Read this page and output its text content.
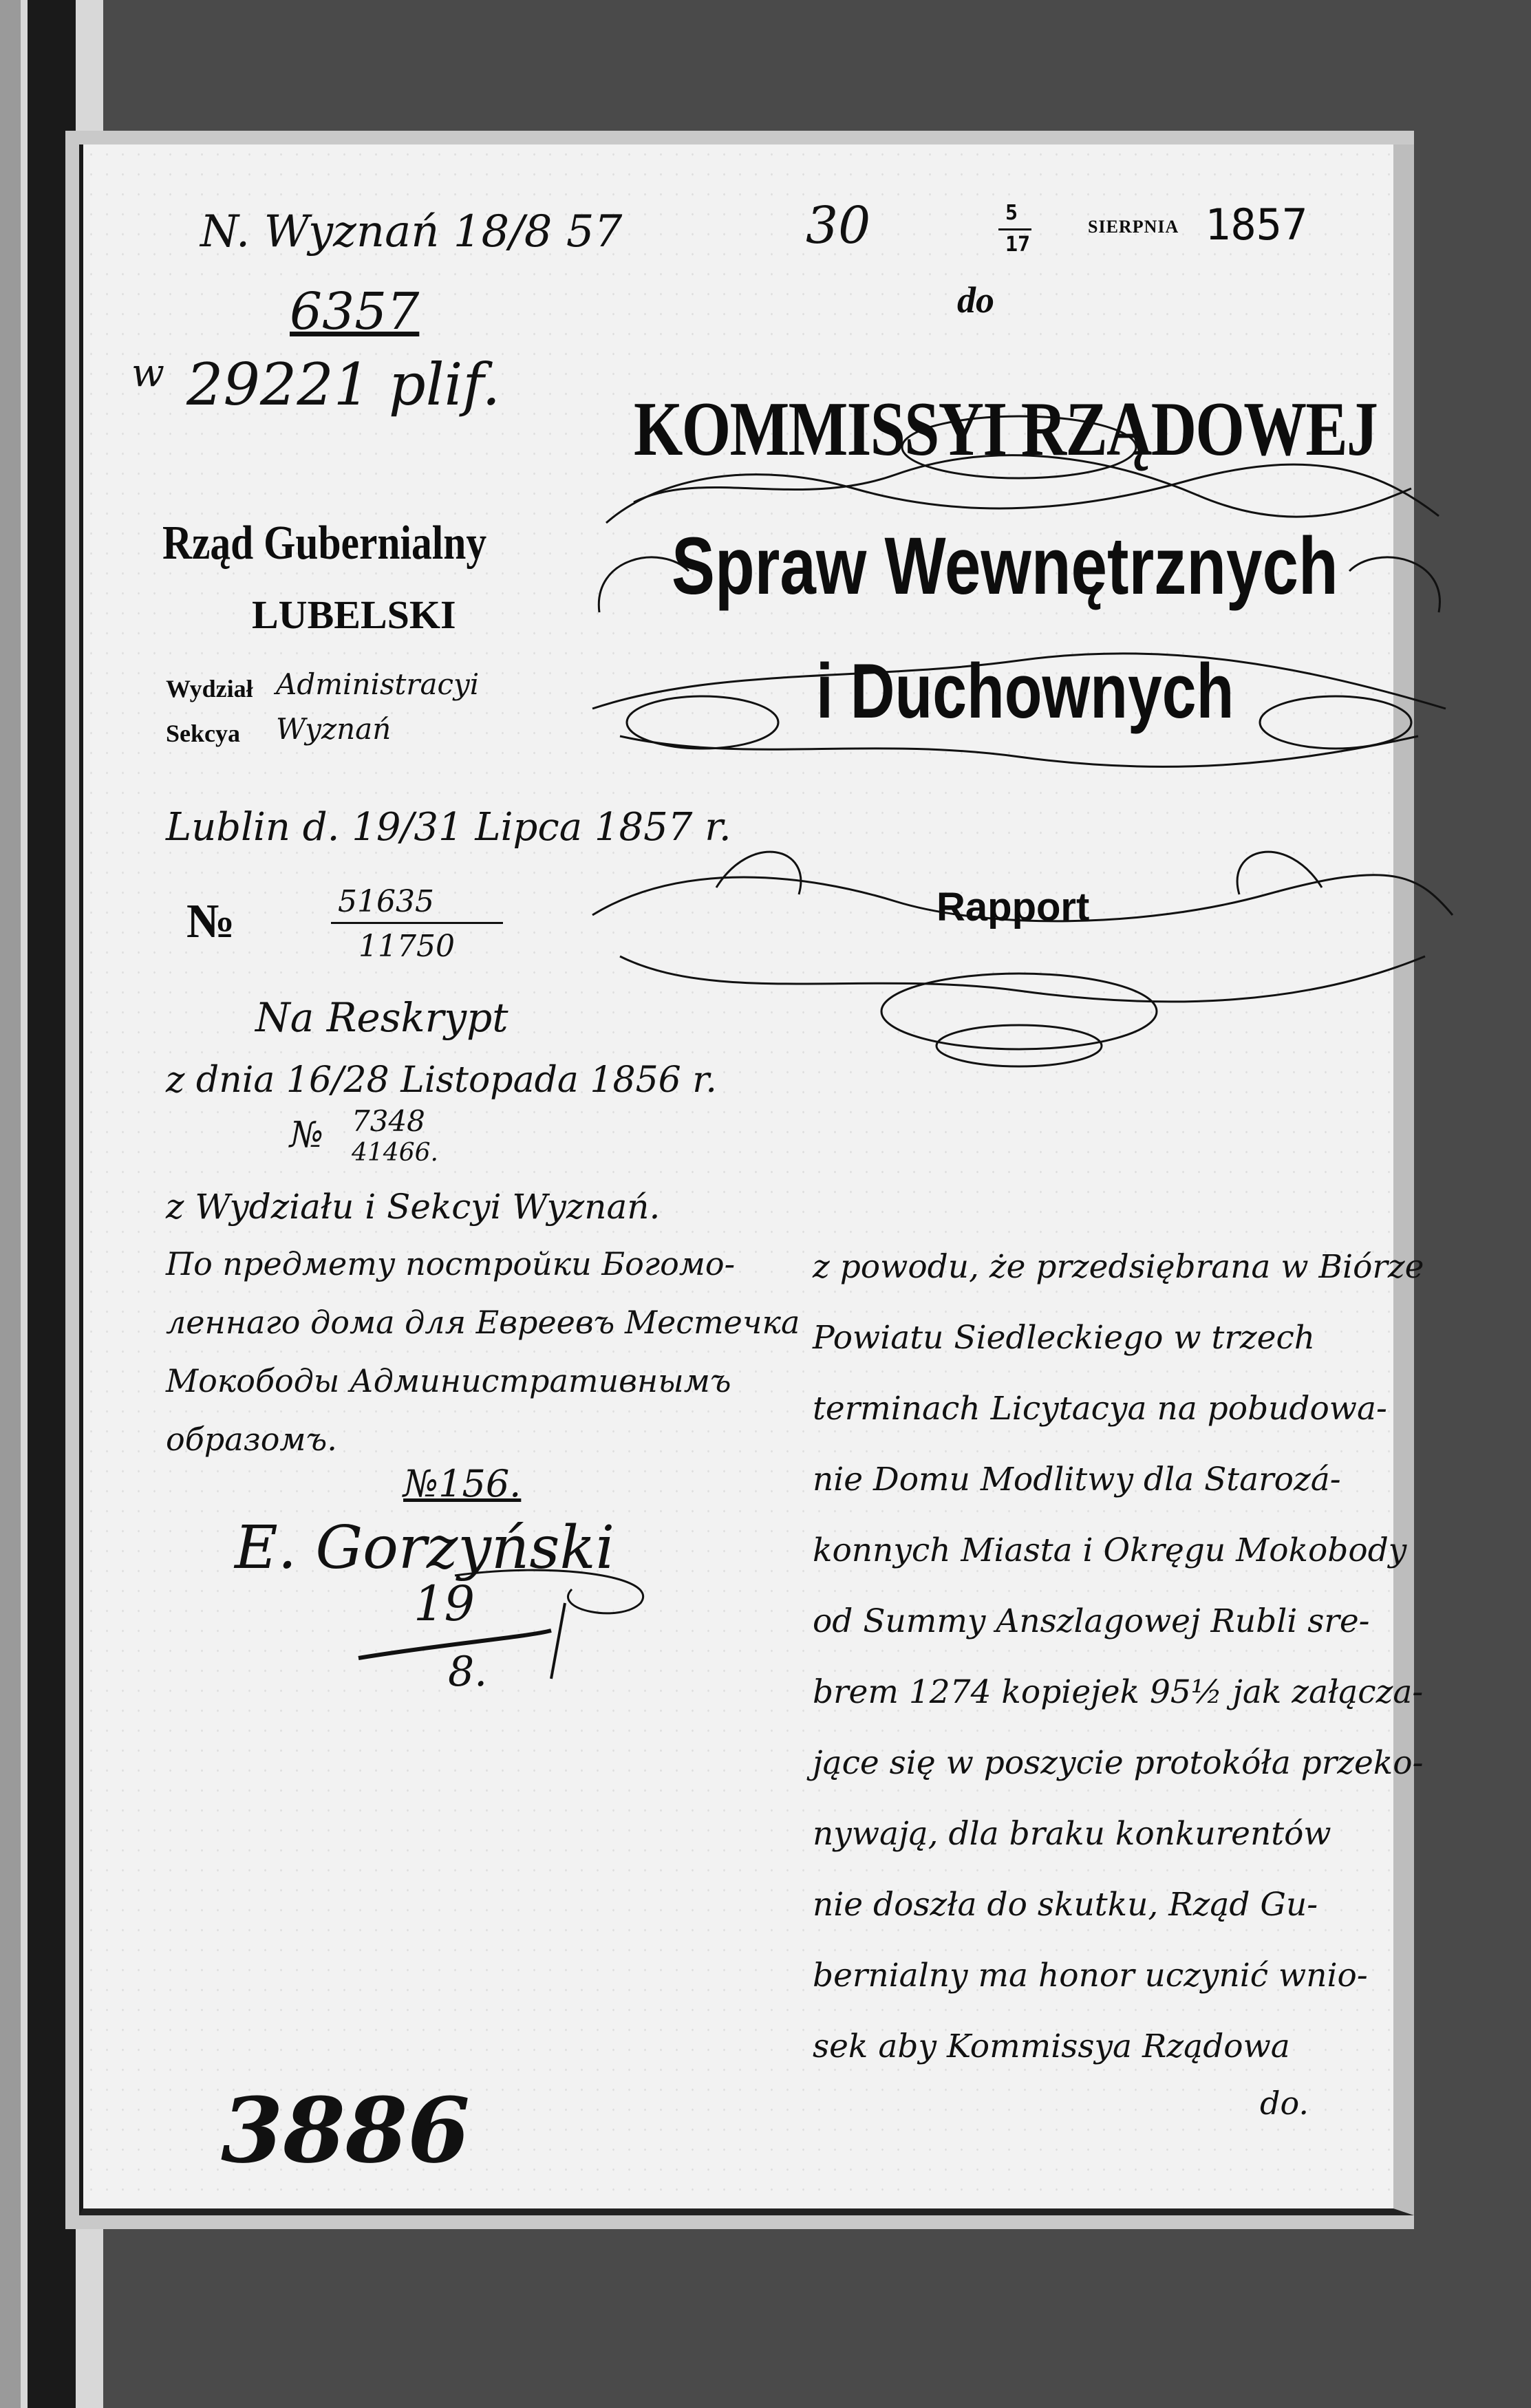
N. Wyznań 18/8 57
6357
w 29221 plif.
30	5
17
SIERPNIA 1857
do
KOMMISSYI RZĄDOWEJ
Spraw Wewnętrznych
i Duchownych
Rapport
Rząd Gubernialny
LUBELSKI
Wydział Administracyi
Sekcya Wyznań
Lublin d. 19/31 Lipca 1857 r.
№	51635
11750
Na Reskrypt
z dnia 16/28 Listopada 1856 r.
№ 7348
41466.
z Wydziału i Sekcyi Wyznań.
По предмету постройки Богомо-
леннаго дома для Евреевъ Местечка
Мокободы Административнымъ
образомъ.
№156.
E. Gorzyński
19
8.
z powodu, że przedsiębrana w Biórze
Powiatu Siedleckiego w trzech
terminach Licytacya na pobudowa-
nie Domu Modlitwy dla Starozá-
konnych Miasta i Okręgu Mokobody
od Summy Anszlagowej Rubli sre-
brem 1274 kopiejek 95½ jak załącza-
jące się w poszycie protokóła przeko-
nywają, dla braku konkurentów
nie doszła do skutku, Rząd Gu-
bernialny ma honor uczynić wnio-
sek aby Kommissya Rządowa
do.
3886
